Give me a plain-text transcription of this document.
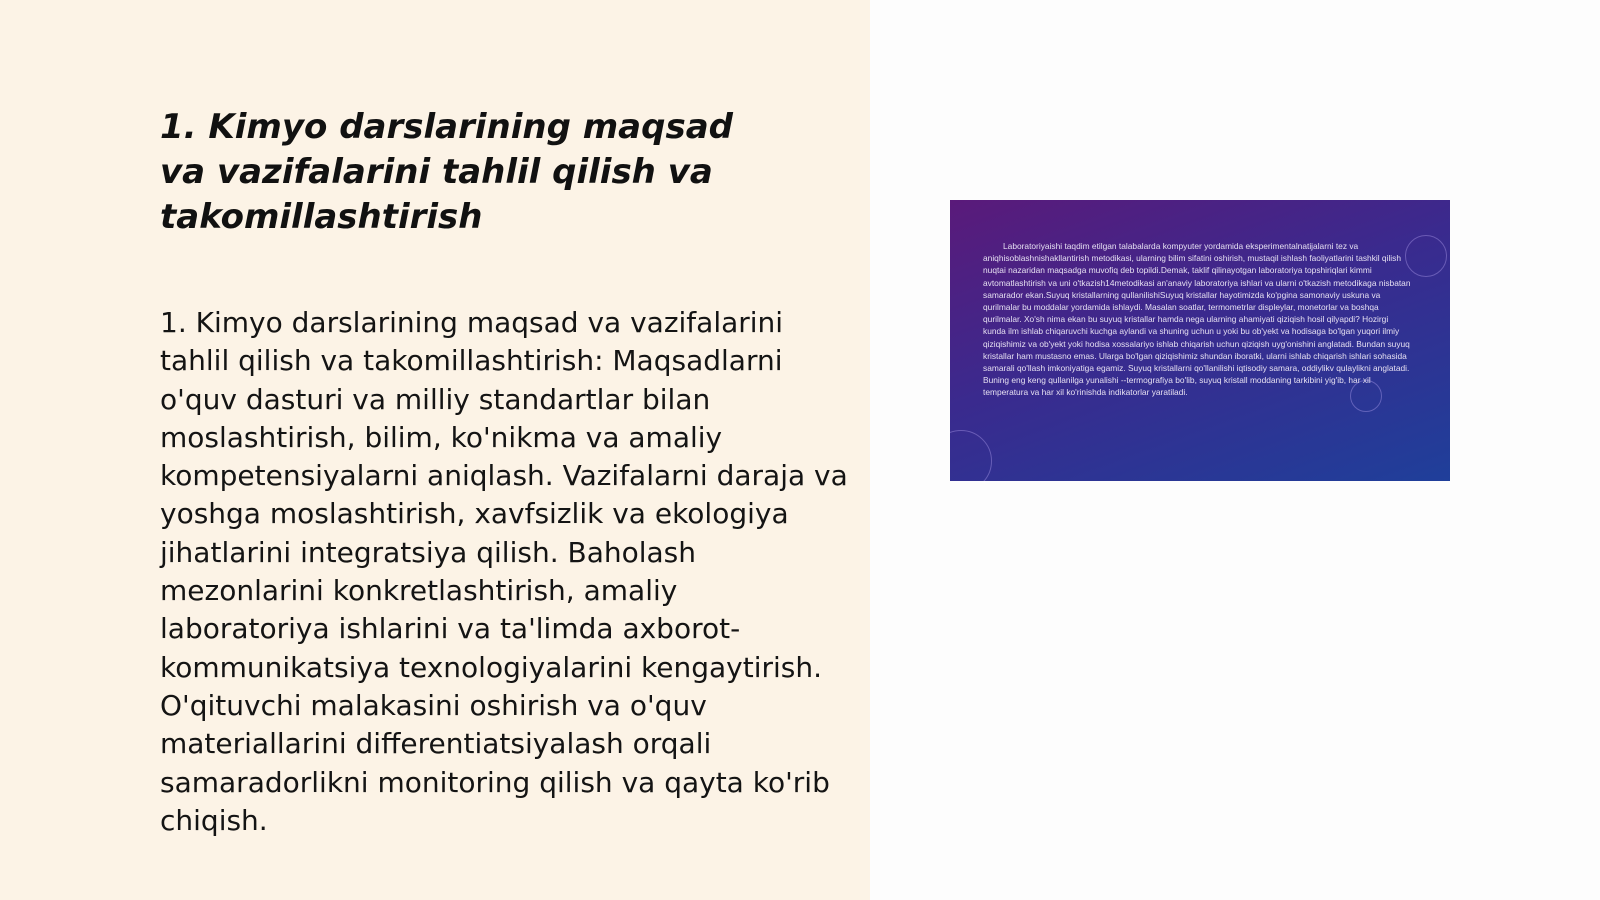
1. Kimyo darslarining maqsad va vazifalarini tahlil qilish va takomillashtirish

1. Kimyo darslarining maqsad va vazifalarini tahlil qilish va takomillashtirish: Maqsadlarni o'quv dasturi va milliy standartlar bilan moslashtirish, bilim, ko'nikma va amaliy kompetensiyalarni aniqlash. Vazifalarni daraja va yoshga moslashtirish, xavfsizlik va ekologiya jihatlarini integratsiya qilish. Baholash mezonlarini konkretlashtirish, amaliy laboratoriya ishlarini va ta'limda axborot-kommunikatsiya texnologiyalarini kengaytirish. O'qituvchi malakasini oshirish va o'quv materiallarini differentiatsiyalash orqali samaradorlikni monitoring qilish va qayta ko'rib chiqish.

Laboratoriyaishi taqdim etilgan talabalarda kompyuter yordamida eksperimentalnatijalarni tez va aniqhisoblashnishakllantirish metodikasi, ularning bilim sifatini oshirish, mustaqil ishlash faoliyatlarini tashkil qilish nuqtai nazaridan maqsadga muvofiq deb topildi.Demak, taklif qilinayotgan laboratoriya topshiriqlari kimmi avtomatlashtirish va uni o'tkazish14metodikasi an'anaviy laboratoriya ishlari va ularni o'tkazish metodikaga nisbatan samarador ekan.Suyuq kristallarning qullanilishiSuyuq kristallar hayotimizda ko'pgina samonaviy uskuna va qurilmalar bu moddalar yordamida ishlaydi. Masalan soatlar, termometrlar displeylar, monetorlar va boshqa qurilmalar. Xo'sh nima ekan bu suyuq kristallar hamda nega ularning ahamiyati qiziqish hosil qilyapdi? Hozirgi kunda ilm ishlab chiqaruvchi kuchga aylandi va shuning uchun u yoki bu ob'yekt va hodisaga bo'lgan yuqori ilmiy qiziqishimiz va ob'yekt yoki hodisa xossalariyo ishlab chiqarish uchun qiziqish uyg'onishini anglatadi. Bundan suyuq kristallar ham mustasno emas. Ularga bo'lgan qiziqishimiz shundan iboratki, ularni ishlab chiqarish ishlari sohasida samarali qo'llash imkoniyatiga egamiz. Suyuq kristallarni qo'llanilishi iqtisodiy samara, oddiylikv qulaylikni anglatadi. Buning eng keng qullanilga yunalishi --termografiya bo'lib, suyuq kristall moddaning tarkibini yig'ib, har xil temperatura va har xil ko'rinishda indikatorlar yaratiladi.
